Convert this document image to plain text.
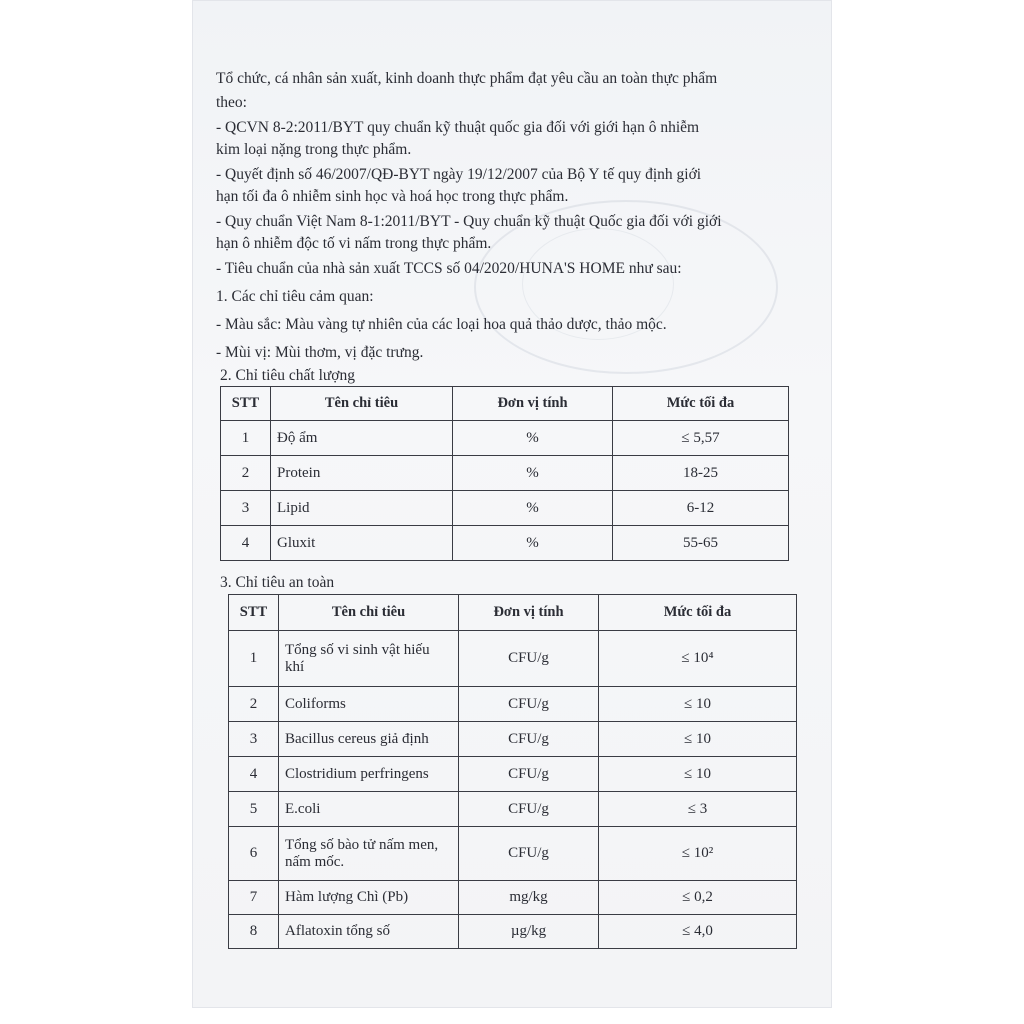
Tổ chức, cá nhân sản xuất, kinh doanh thực phẩm đạt yêu cầu an toàn thực phẩm
theo:
- QCVN 8-2:2011/BYT quy chuẩn kỹ thuật quốc gia đối với giới hạn ô nhiễm
kim loại nặng trong thực phẩm.
- Quyết định số 46/2007/QĐ-BYT ngày 19/12/2007 của Bộ Y tế quy định giới
hạn tối đa ô nhiễm sinh học và hoá học trong thực phẩm.
- Quy chuẩn Việt Nam 8-1:2011/BYT - Quy chuẩn kỹ thuật Quốc gia đối với giới
hạn ô nhiễm độc tố vi nấm trong thực phẩm.
- Tiêu chuẩn của nhà sản xuất TCCS số 04/2020/HUNA'S HOME như sau:
1. Các chỉ tiêu cảm quan:
- Màu sắc: Màu vàng tự nhiên của các loại hoa quả thảo dược, thảo mộc.
- Mùi vị: Mùi thơm, vị đặc trưng.
2. Chỉ tiêu chất lượng
STT	Tên chỉ tiêu	Đơn vị tính	Mức tối đa
1	Độ ẩm	%	≤ 5,57
2	Protein	%	18-25
3	Lipid	%	6-12
4	Gluxit	%	55-65
3. Chỉ tiêu an toàn
STT	Tên chỉ tiêu	Đơn vị tính	Mức tối đa
1	Tổng số vi sinh vật hiếu khí	CFU/g	≤ 10⁴
2	Coliforms	CFU/g	≤ 10
3	Bacillus cereus giả định	CFU/g	≤ 10
4	Clostridium perfringens	CFU/g	≤ 10
5	E.coli	CFU/g	≤ 3
6	Tổng số bào tử nấm men, nấm mốc.	CFU/g	≤ 10²
7	Hàm lượng Chì (Pb)	mg/kg	≤ 0,2
8	Aflatoxin tổng số	µg/kg	≤ 4,0
